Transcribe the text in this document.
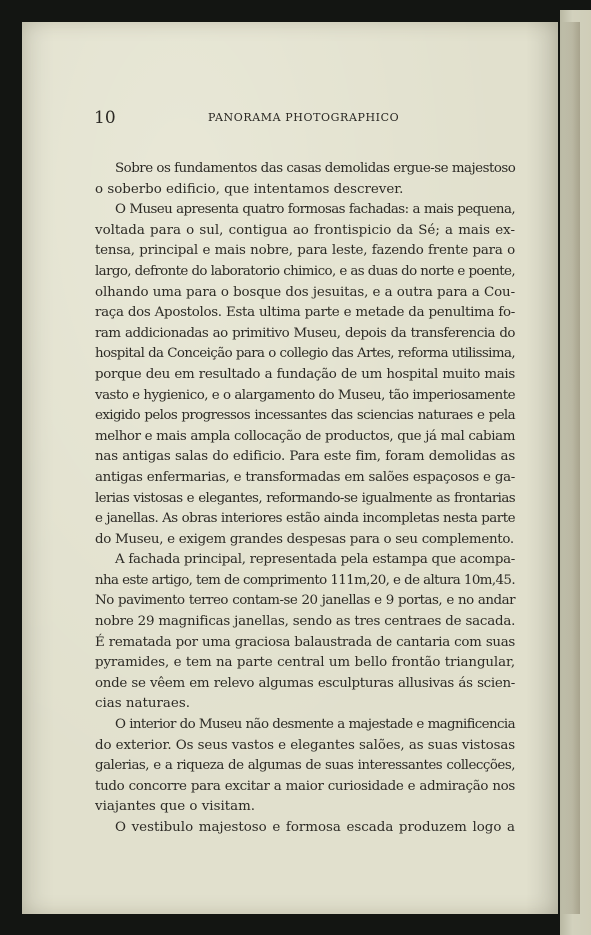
10	PANORAMA PHOTOGRAPHICO
Sobre os fundamentos das casas demolidas ergue-se majestoso
o soberbo edificio, que intentamos descrever.
O Museu apresenta quatro formosas fachadas: a mais pequena,
voltada para o sul, contigua ao frontispicio da Sé; a mais ex-
tensa, principal e mais nobre, para leste, fazendo frente para o
largo, defronte do laboratorio chimico, e as duas do norte e poente,
olhando uma para o bosque dos jesuitas, e a outra para a Cou-
raça dos Apostolos. Esta ultima parte e metade da penultima fo-
ram addicionadas ao primitivo Museu, depois da transferencia do
hospital da Conceição para o collegio das Artes, reforma utilissima,
porque deu em resultado a fundação de um hospital muito mais
vasto e hygienico, e o alargamento do Museu, tão imperiosamente
exigido pelos progressos incessantes das sciencias naturaes e pela
melhor e mais ampla collocação de productos, que já mal cabiam
nas antigas salas do edificio. Para este fim, foram demolidas as
antigas enfermarias, e transformadas em salões espaçosos e ga-
lerias vistosas e elegantes, reformando-se igualmente as frontarias
e janellas. As obras interiores estão ainda incompletas nesta parte
do Museu, e exigem grandes despesas para o seu complemento.
A fachada principal, representada pela estampa que acompa-
nha este artigo, tem de comprimento 111m,20, e de altura 10m,45.
No pavimento terreo contam-se 20 janellas e 9 portas, e no andar
nobre 29 magnificas janellas, sendo as tres centraes de sacada.
É rematada por uma graciosa balaustrada de cantaria com suas
pyramides, e tem na parte central um bello frontão triangular,
onde se vêem em relevo algumas esculpturas allusivas ás scien-
cias naturaes.
O interior do Museu não desmente a majestade e magnificencia
do exterior. Os seus vastos e elegantes salões, as suas vistosas
galerias, e a riqueza de algumas de suas interessantes collecções,
tudo concorre para excitar a maior curiosidade e admiração nos
viajantes que o visitam.
O vestibulo majestoso e formosa escada produzem logo a
